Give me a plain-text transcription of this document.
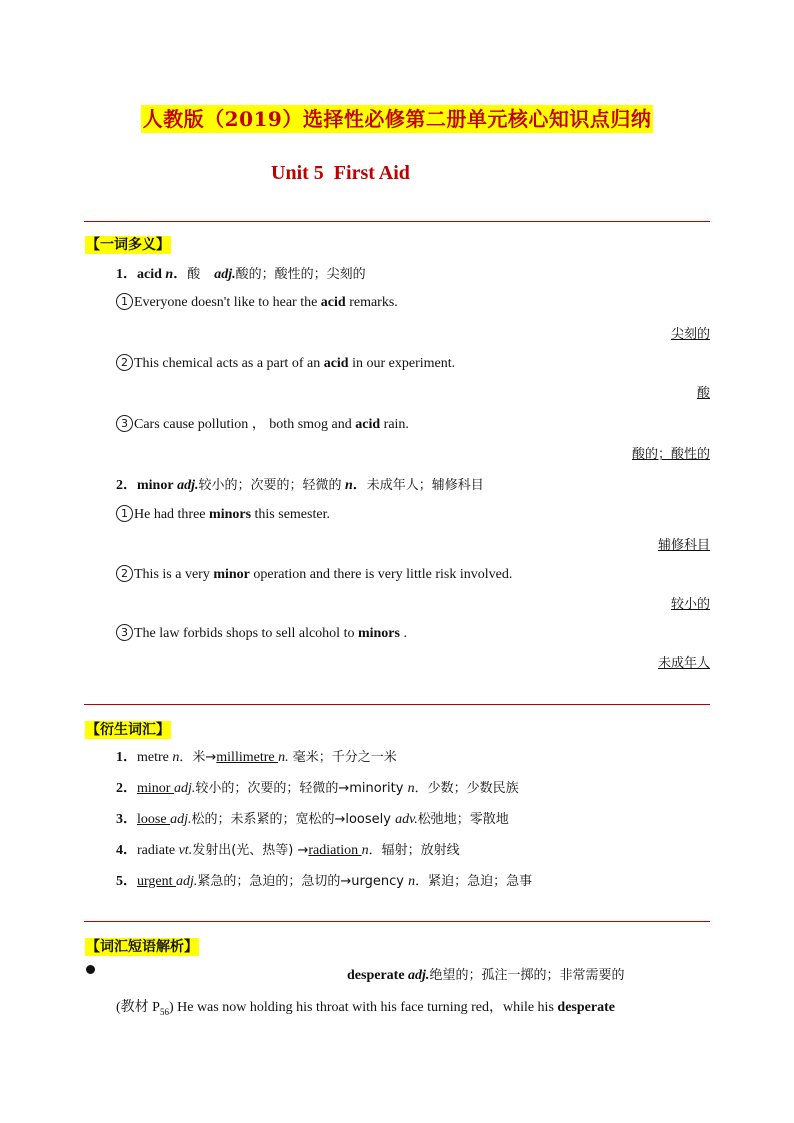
人教版（2019）选择性必修第二册单元核心知识点归纳
Unit 5 First Aid
【一词多义】
1．acid n．酸 adj.酸的；酸性的；尖刻的
1 Everyone doesn't like to hear the acid remarks.
尖刻的
2 This chemical acts as a part of an acid in our experiment.
酸
3 Cars cause pollution ， both smog and acid rain.
酸的；酸性的
2．minor adj.较小的；次要的；轻微的 n．未成年人；辅修科目
1 He had three minors this semester.
辅修科目
2 This is a very minor operation and there is very little risk involved.
较小的
3 The law forbids shops to sell alcohol to minors .
未成年人
【衍生词汇】
1．metre n．米→millimetre n. 毫米；千分之一米
2．minor adj.较小的；次要的；轻微的→minority n．少数；少数民族
3．loose adj.松的；未系紧的；宽松的→loosely adv.松弛地；零散地
4．radiate vt.发射出(光、热等) →radiation n．辐射；放射线
5．urgent adj.紧急的；急迫的；急切的→urgency n．紧迫；急迫；急事
【词汇短语解析】
desperate adj.绝望的；孤注一掷的；非常需要的
(教材 $P_{56}$) He was now holding his throat with his face turning red，while his desperate
